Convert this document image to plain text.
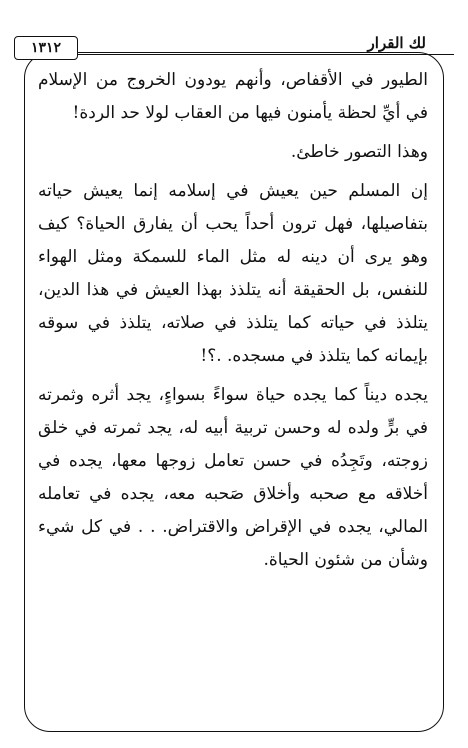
لك القرار
١٣١٢

الطيور في الأقفاص، وأنهم يودون الخروج من الإسلام في أيِّ لحظة يأمنون فيها من العقاب لولا حد الردة!

وهذا التصور خاطئ.

إن المسلم حين يعيش في إسلامه إنما يعيش حياته بتفاصيلها، فهل ترون أحداً يحب أن يفارق الحياة؟ كيف وهو يرى أن دينه له مثل الماء للسمكة ومثل الهواء للنفس، بل الحقيقة أنه يتلذذ بهذا العيش في هذا الدين، يتلذذ في حياته كما يتلذذ في صلاته، يتلذذ في سوقه بإيمانه كما يتلذذ في مسجده. .؟!

يجده ديناً كما يجده حياة سواءً بسواءٍ، يجد أثره وثمرته في برٍّ ولده له وحسن تربية أبيه له، يجد ثمرته في خلق زوجته، وتَجِدُه في حسن تعامل زوجها معها، يجده في أخلاقه مع صحبه وأخلاق صَحبه معه، يجده في تعامله المالي، يجده في الإقراض والاقتراض. . . في كل شيء وشأن من شئون الحياة.
